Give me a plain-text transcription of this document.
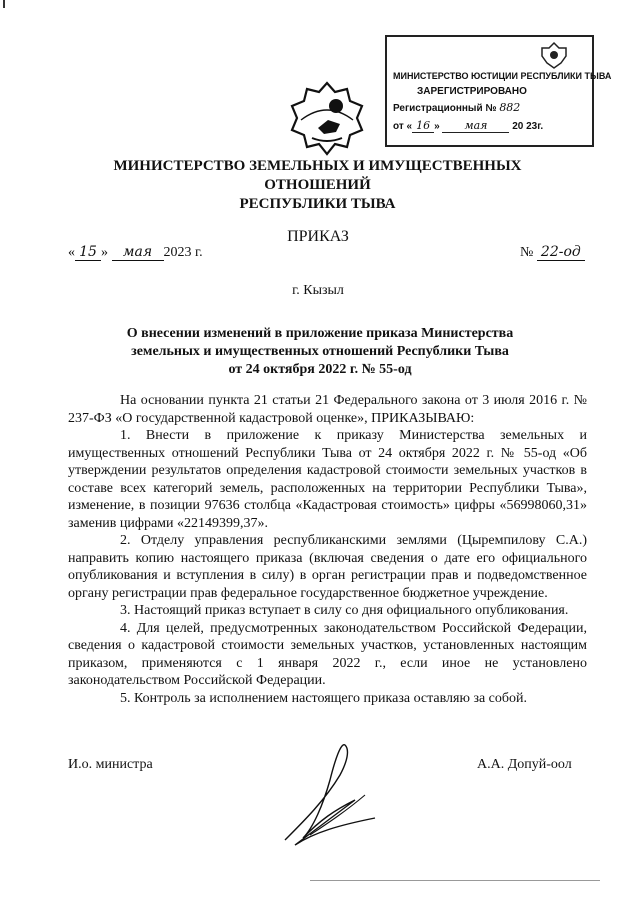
МИНИСТЕРСТВО ЮСТИЦИИ РЕСПУБЛИКИ ТЫВА
ЗАРЕГИСТРИРОВАНО
Регистрационный № 882
от « 16 » мая 20 23г.
МИНИСТЕРСТВО ЗЕМЕЛЬНЫХ И ИМУЩЕСТВЕННЫХ ОТНОШЕНИЙ
РЕСПУБЛИКИ ТЫВА
ПРИКАЗ
« 15 » мая 2023 г.	№ 22-од
г. Кызыл
О внесении изменений в приложение приказа Министерства
земельных и имущественных отношений Республики Тыва
от 24 октября 2022 г. № 55-од

На основании пункта 21 статьи 21 Федерального закона от 3 июля 2016 г. № 237-ФЗ «О государственной кадастровой оценке», ПРИКАЗЫВАЮ:

1. Внести в приложение к приказу Министерства земельных и имущественных отношений Республики Тыва от 24 октября 2022 г. № 55-од «Об утверждении результатов определения кадастровой стоимости земельных участков в составе всех категорий земель, расположенных на территории Республики Тыва», изменение, в позиции 97636 столбца «Кадастровая стоимость» цифры «56998060,31» заменив цифрами «22149399,37».

2. Отделу управления республиканскими землями (Цыремпилову С.А.) направить копию настоящего приказа (включая сведения о дате его официального опубликования и вступления в силу) в орган регистрации прав и подведомственное органу регистрации прав федеральное государственное бюджетное учреждение.

3. Настоящий приказ вступает в силу со дня официального опубликования.

4. Для целей, предусмотренных законодательством Российской Федерации, сведения о кадастровой стоимости земельных участков, установленных настоящим приказом, применяются с 1 января 2022 г., если иное не установлено законодательством Российской Федерации.

5. Контроль за исполнением настоящего приказа оставляю за собой.

И.о. министра	А.А. Допуй-оол
